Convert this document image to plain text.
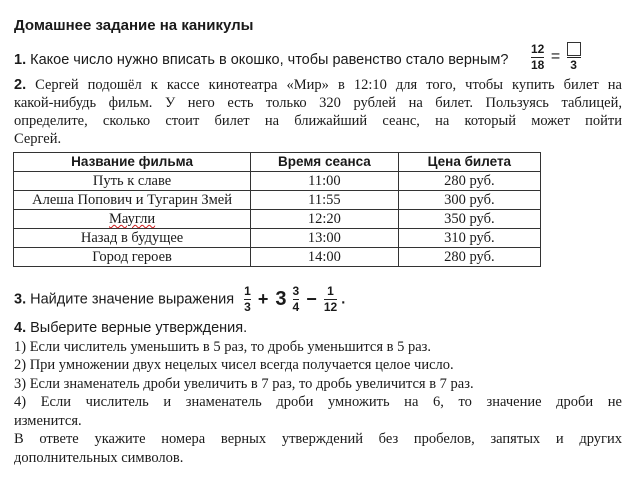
Домашнее задание на каникулы
1. Какое число нужно вписать в окошко, чтобы равенство стало верным? $\frac{12}{18} = 3$
2. Сергей подошёл к кассе кинотеатра «Мир» в 12:10 для того, чтобы купить билет на
какой-нибудь фильм. У него есть только 320 рублей на билет. Пользуясь таблицей,
определите, сколько стоит билет на ближайший сеанс, на который может пойти
Сергей.
Название фильма	Время сеанса	Цена билета
Путь к славе	11:00	280 руб.
Алеша Попович и Тугарин Змей	11:55	300 руб.
Маугли	12:20	350 руб.
Назад в будущее	13:00	310 руб.
Город героев	14:00	280 руб.
3. Найдите значение выражения $\frac{1}{3} + 3 \frac{3}{4} - \frac{1}{12}$ .
4. Выберите верные утверждения.
1) Если числитель уменьшить в 5 раз, то дробь уменьшится в 5 раз.
2) При умножении двух нецелых чисел всегда получается целое число.
3) Если знаменатель дроби увеличить в 7 раз, то дробь увеличится в 7 раз.
4) Если числитель и знаменатель дроби умножить на 6, то значение дроби не
изменится.
В ответе укажите номера верных утверждений без пробелов, запятых и других
дополнительных символов.
